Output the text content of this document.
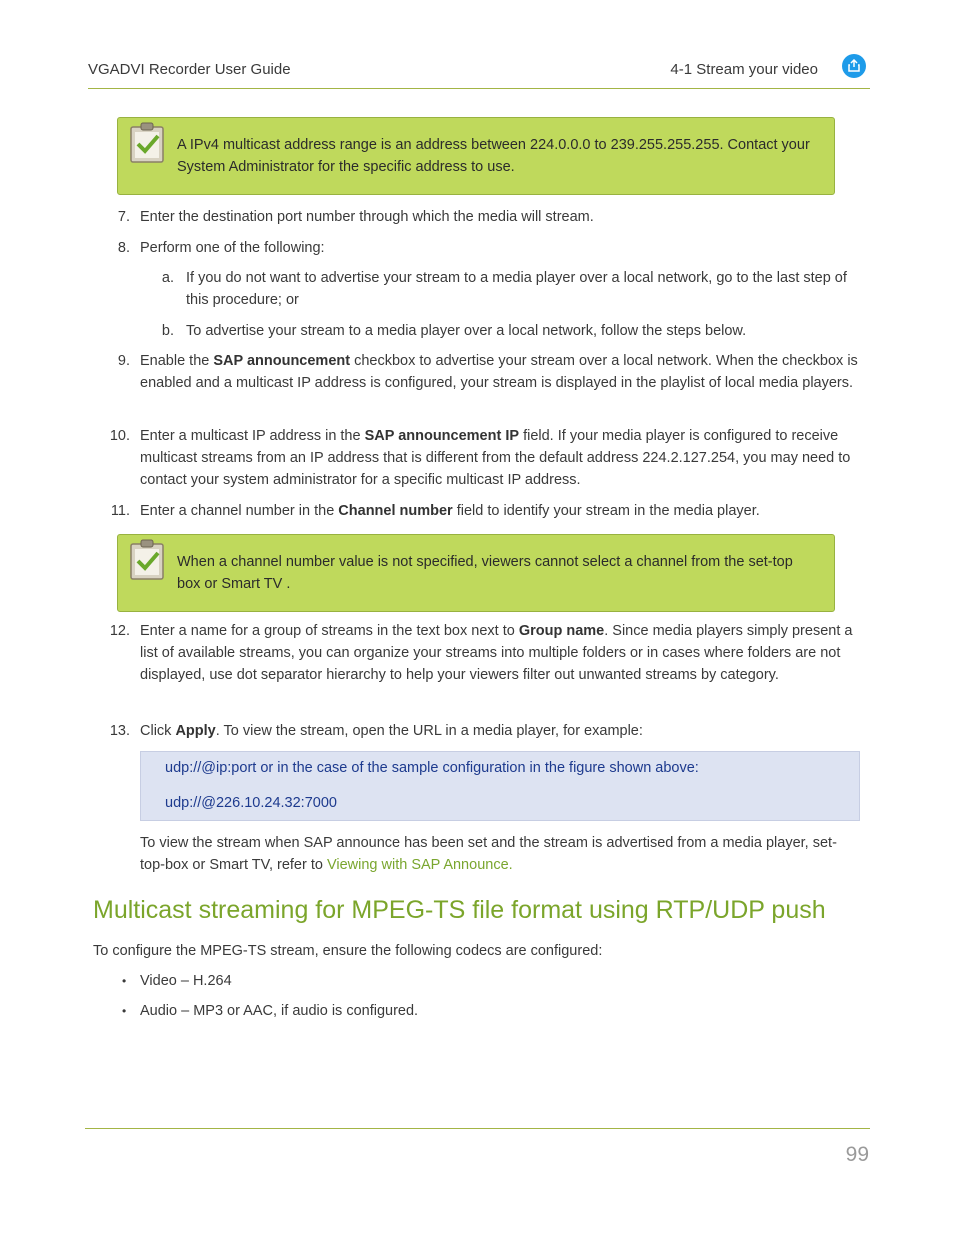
VGADVI Recorder User Guide	4-1 Stream your video
A IPv4 multicast address range is an address between 224.0.0.0 to 239.255.255.255. Contact your System Administrator for the specific address to use.
7. Enter the destination port number through which the media will stream.
8. Perform one of the following:
a. If you do not want to advertise your stream to a media player over a local network, go to the last step of this procedure; or
b. To advertise your stream to a media player over a local network, follow the steps below.
9. Enable the SAP announcement checkbox to advertise your stream over a local network. When the checkbox is enabled and a multicast IP address is configured, your stream is displayed in the playlist of local media players.
10. Enter a multicast IP address in the SAP announcement IP field. If your media player is configured to receive multicast streams from an IP address that is different from the default address 224.2.127.254, you may need to contact your system administrator for a specific multicast IP address.
11. Enter a channel number in the Channel number field to identify your stream in the media player.
When a channel number value is not specified, viewers cannot select a channel from the set-top box or Smart TV .
12. Enter a name for a group of streams in the text box next to Group name. Since media players simply present a list of available streams, you can organize your streams into multiple folders or in cases where folders are not displayed, use dot separator hierarchy to help your viewers filter out unwanted streams by category.
13. Click Apply. To view the stream, open the URL in a media player, for example:
udp://@ip:port or in the case of the sample configuration in the figure shown above:
udp://@226.10.24.32:7000
To view the stream when SAP announce has been set and the stream is advertised from a media player, set-top-box or Smart TV, refer to Viewing with SAP Announce.
Multicast streaming for MPEG-TS file format using RTP/UDP push
To configure the MPEG-TS stream, ensure the following codecs are configured:
• Video – H.264
• Audio – MP3 or AAC, if audio is configured.
99
